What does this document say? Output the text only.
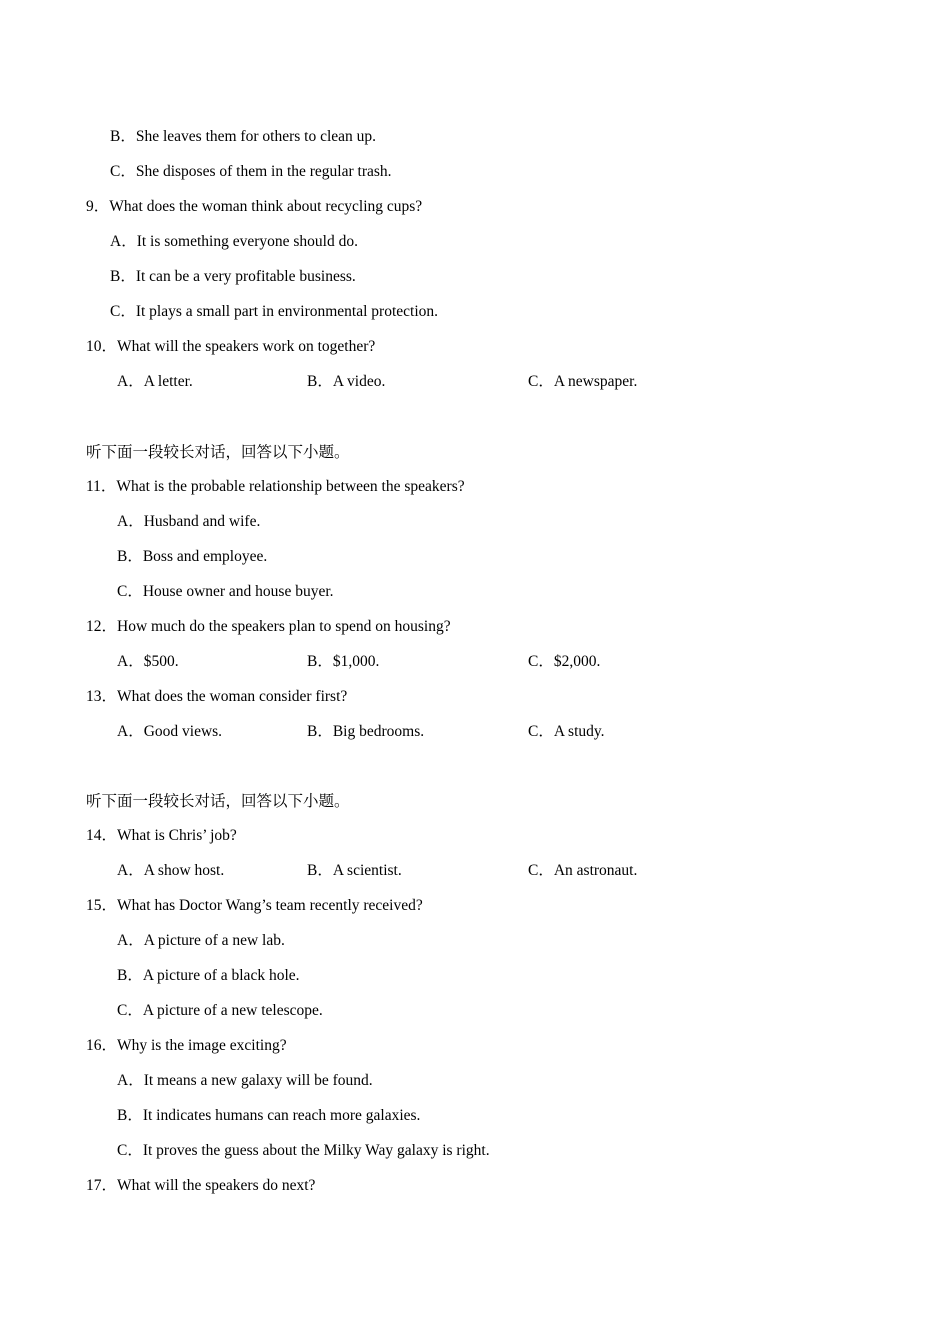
B．She leaves them for others to clean up.
C．She disposes of them in the regular trash.
9．What does the woman think about recycling cups?
A．It is something everyone should do.
B．It can be a very profitable business.
C．It plays a small part in environmental protection.
10．What will the speakers work on together?
A．A letter.	B．A video.	C．A newspaper.
听下面一段较长对话，回答以下小题。
11．What is the probable relationship between the speakers?
A．Husband and wife.
B．Boss and employee.
C．House owner and house buyer.
12．How much do the speakers plan to spend on housing?
A．$500.	B．$1,000.	C．$2,000.
13．What does the woman consider first?
A．Good views.	B．Big bedrooms.	C．A study.
听下面一段较长对话，回答以下小题。
14．What is Chris’ job?
A．A show host.	B．A scientist.	C．An astronaut.
15．What has Doctor Wang’s team recently received?
A．A picture of a new lab.
B．A picture of a black hole.
C．A picture of a new telescope.
16．Why is the image exciting?
A．It means a new galaxy will be found.
B．It indicates humans can reach more galaxies.
C．It proves the guess about the Milky Way galaxy is right.
17．What will the speakers do next?
